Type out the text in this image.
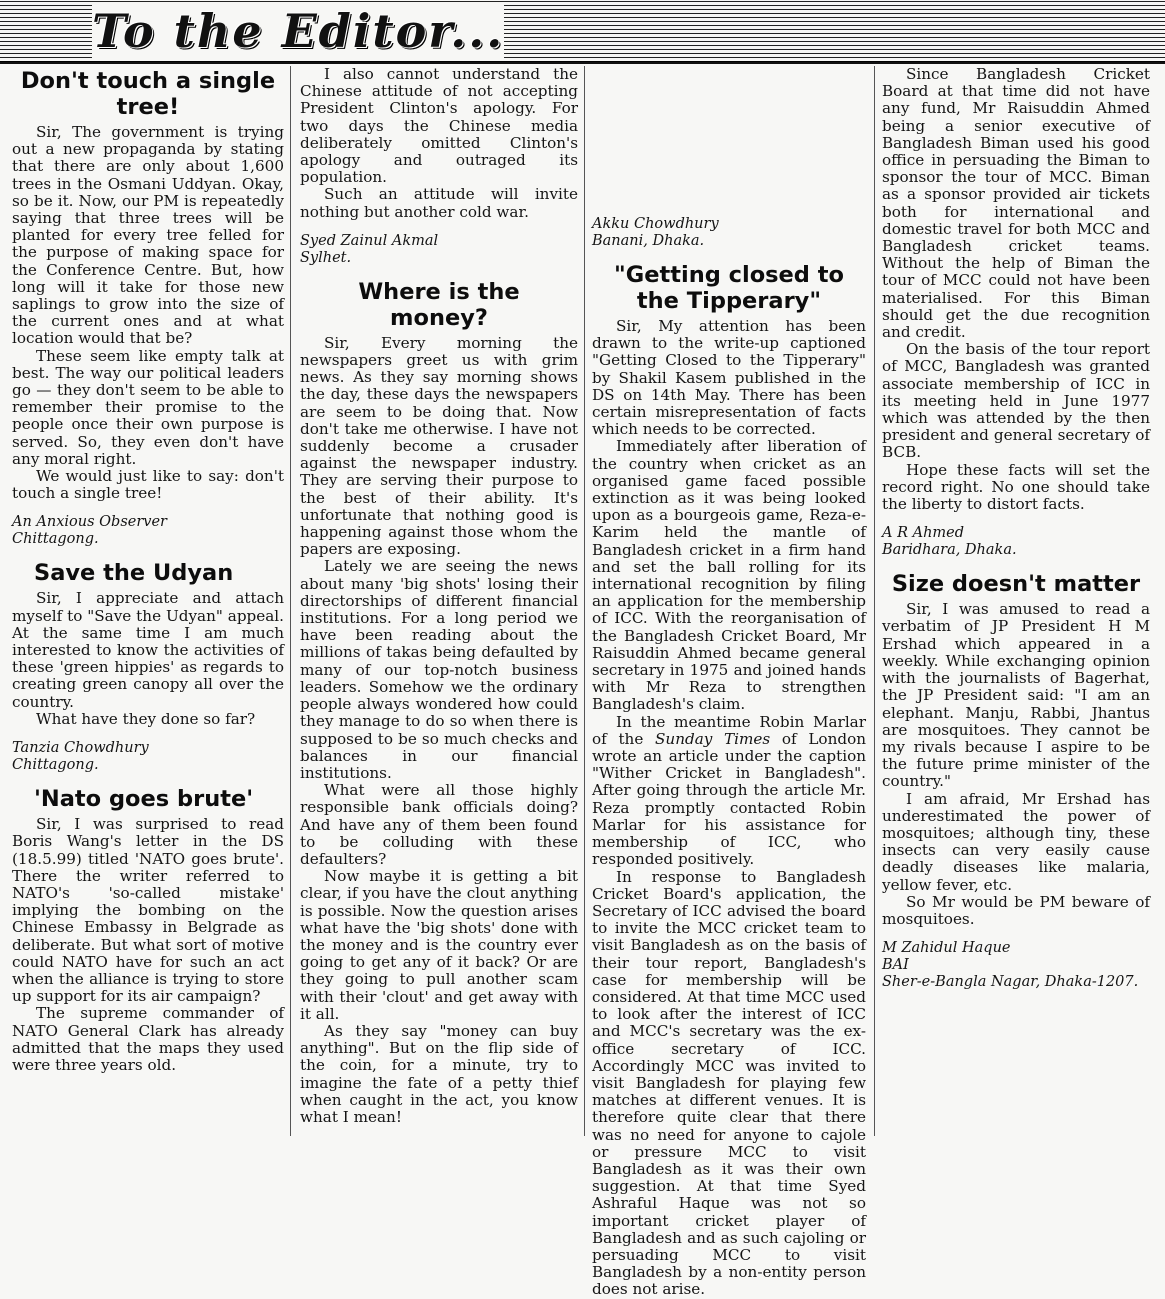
To the Editor...
Don't touch a single tree!

Sir, The government is trying out a new propaganda by stating that there are only about 1,600 trees in the Osmani Uddyan. Okay, so be it. Now, our PM is repeatedly saying that three trees will be planted for every tree felled for the purpose of making space for the Conference Centre. But, how long will it take for those new saplings to grow into the size of the current ones and at what location would that be?

These seem like empty talk at best. The way our political leaders go — they don't seem to be able to remember their promise to the people once their own purpose is served. So, they even don't have any moral right.

We would just like to say: don't touch a single tree!

An Anxious Observer
Chittagong.
Save the Udyan

Sir, I appreciate and attach myself to "Save the Udyan" appeal. At the same time I am much interested to know the activities of these 'green hippies' as regards to creating green canopy all over the country.

What have they done so far?

Tanzia Chowdhury
Chittagong.
'Nato goes brute'

Sir, I was surprised to read Boris Wang's letter in the DS (18.5.99) titled 'NATO goes brute'. There the writer referred to NATO's 'so-called mistake' implying the bombing on the Chinese Embassy in Belgrade as deliberate. But what sort of motive could NATO have for such an act when the alliance is trying to store up support for its air campaign?

The supreme commander of NATO General Clark has already admitted that the maps they used were three years old.

I also cannot understand the Chinese attitude of not accepting President Clinton's apology. For two days the Chinese media deliberately omitted Clinton's apology and outraged its population.

Such an attitude will invite nothing but another cold war.

Syed Zainul Akmal
Sylhet.
Where is the money?

Sir, Every morning the newspapers greet us with grim news. As they say morning shows the day, these days the newspapers are seem to be doing that. Now don't take me otherwise. I have not suddenly become a crusader against the newspaper industry. They are serving their purpose to the best of their ability. It's unfortunate that nothing good is happening against those whom the papers are exposing.

Lately we are seeing the news about many 'big shots' losing their directorships of different financial institutions. For a long period we have been reading about the millions of takas being defaulted by many of our top-notch business leaders. Somehow we the ordinary people always wondered how could they manage to do so when there is supposed to be so much checks and balances in our financial institutions.

What were all those highly responsible bank officials doing? And have any of them been found to be colluding with these defaulters?

Now maybe it is getting a bit clear, if you have the clout anything is possible. Now the question arises what have the 'big shots' done with the money and is the country ever going to get any of it back? Or are they going to pull another scam with their 'clout' and get away with it all.

As they say "money can buy anything". But on the flip side of the coin, for a minute, try to imagine the fate of a petty thief when caught in the act, you know what I mean!

Akku Chowdhury
Banani, Dhaka.
"Getting closed to the Tipperary"

Sir, My attention has been drawn to the write-up captioned "Getting Closed to the Tipperary" by Shakil Kasem published in the DS on 14th May. There has been certain misrepresentation of facts which needs to be corrected.

Immediately after liberation of the country when cricket as an organised game faced possible extinction as it was being looked upon as a bourgeois game, Reza-e-Karim held the mantle of Bangladesh cricket in a firm hand and set the ball rolling for its international recognition by filing an application for the membership of ICC. With the reorganisation of the Bangladesh Cricket Board, Mr Raisuddin Ahmed became general secretary in 1975 and joined hands with Mr Reza to strengthen Bangladesh's claim.

In the meantime Robin Marlar of the Sunday Times of London wrote an article under the caption "Wither Cricket in Bangladesh". After going through the article Mr. Reza promptly contacted Robin Marlar for his assistance for membership of ICC, who responded positively.

In response to Bangladesh Cricket Board's application, the Secretary of ICC advised the board to invite the MCC cricket team to visit Bangladesh as on the basis of their tour report, Bangladesh's case for membership will be considered. At that time MCC used to look after the interest of ICC and MCC's secretary was the ex-office secretary of ICC. Accordingly MCC was invited to visit Bangladesh for playing few matches at different venues. It is therefore quite clear that there was no need for anyone to cajole or pressure MCC to visit Bangladesh as it was their own suggestion. At that time Syed Ashraful Haque was not so important cricket player of Bangladesh and as such cajoling or persuading MCC to visit Bangladesh by a non-entity person does not arise.

Since Bangladesh Cricket Board at that time did not have any fund, Mr Raisuddin Ahmed being a senior executive of Bangladesh Biman used his good office in persuading the Biman to sponsor the tour of MCC. Biman as a sponsor provided air tickets both for international and domestic travel for both MCC and Bangladesh cricket teams. Without the help of Biman the tour of MCC could not have been materialised. For this Biman should get the due recognition and credit.

On the basis of the tour report of MCC, Bangladesh was granted associate membership of ICC in its meeting held in June 1977 which was attended by the then president and general secretary of BCB.

Hope these facts will set the record right. No one should take the liberty to distort facts.

A R Ahmed
Baridhara, Dhaka.
Size doesn't matter

Sir, I was amused to read a verbatim of JP President H M Ershad which appeared in a weekly. While exchanging opinion with the journalists of Bagerhat, the JP President said: "I am an elephant. Manju, Rabbi, Jhantus are mosquitoes. They cannot be my rivals because I aspire to be the future prime minister of the country."

I am afraid, Mr Ershad has underestimated the power of mosquitoes; although tiny, these insects can very easily cause deadly diseases like malaria, yellow fever, etc.

So Mr would be PM beware of mosquitoes.

M Zahidul Haque
BAI
Sher-e-Bangla Nagar, Dhaka-1207.
